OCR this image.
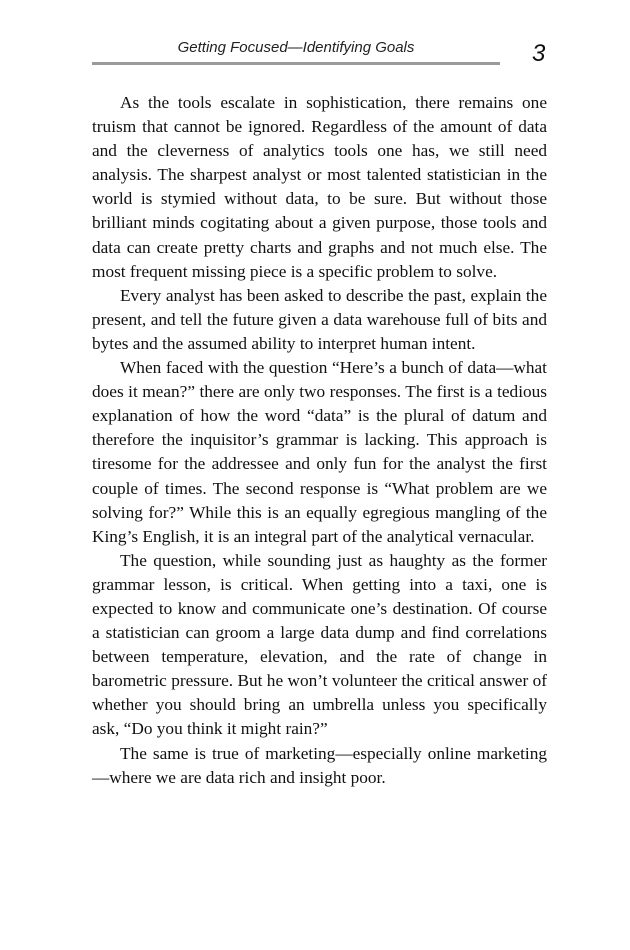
Getting Focused—Identifying Goals	3

As the tools escalate in sophistication, there remains one truism that cannot be ignored. Regardless of the amount of data and the cleverness of analytics tools one has, we still need analysis. The sharpest analyst or most talented statistician in the world is stymied without data, to be sure. But without those brilliant minds cogitating about a given purpose, those tools and data can create pretty charts and graphs and not much else. The most frequent missing piece is a specific problem to solve.

Every analyst has been asked to describe the past, explain the present, and tell the future given a data warehouse full of bits and bytes and the assumed ability to interpret human intent.

When faced with the question “Here’s a bunch of data—what does it mean?” there are only two responses. The first is a tedious explanation of how the word “data” is the plural of datum and therefore the inquisitor’s grammar is lacking. This approach is tiresome for the addressee and only fun for the analyst the first couple of times. The second response is “What problem are we solving for?” While this is an equally egregious mangling of the King’s English, it is an integral part of the analytical vernacular.

The question, while sounding just as haughty as the former grammar lesson, is critical. When getting into a taxi, one is expected to know and communicate one’s destination. Of course a statistician can groom a large data dump and find correlations between temperature, elevation, and the rate of change in barometric pressure. But he won’t volunteer the critical answer of whether you should bring an umbrella unless you specifically ask, “Do you think it might rain?”

The same is true of marketing—especially online marketing—where we are data rich and insight poor.
